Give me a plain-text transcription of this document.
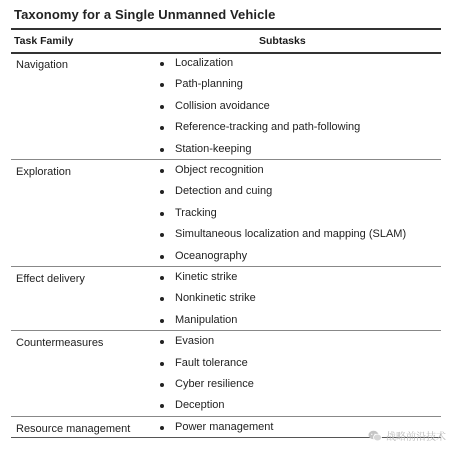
Taxonomy for a Single Unmanned Vehicle
Task Family	Subtasks
Navigation	Localization
Path-planning
Collision avoidance
Reference-tracking and path-following
Station-keeping
Exploration	Object recognition
Detection and cuing
Tracking
Simultaneous localization and mapping (SLAM)
Oceanography
Effect delivery	Kinetic strike
Nonkinetic strike
Manipulation
Countermeasures	Evasion
Fault tolerance
Cyber resilience
Deception
Resource management	Power management
战略前沿技术
